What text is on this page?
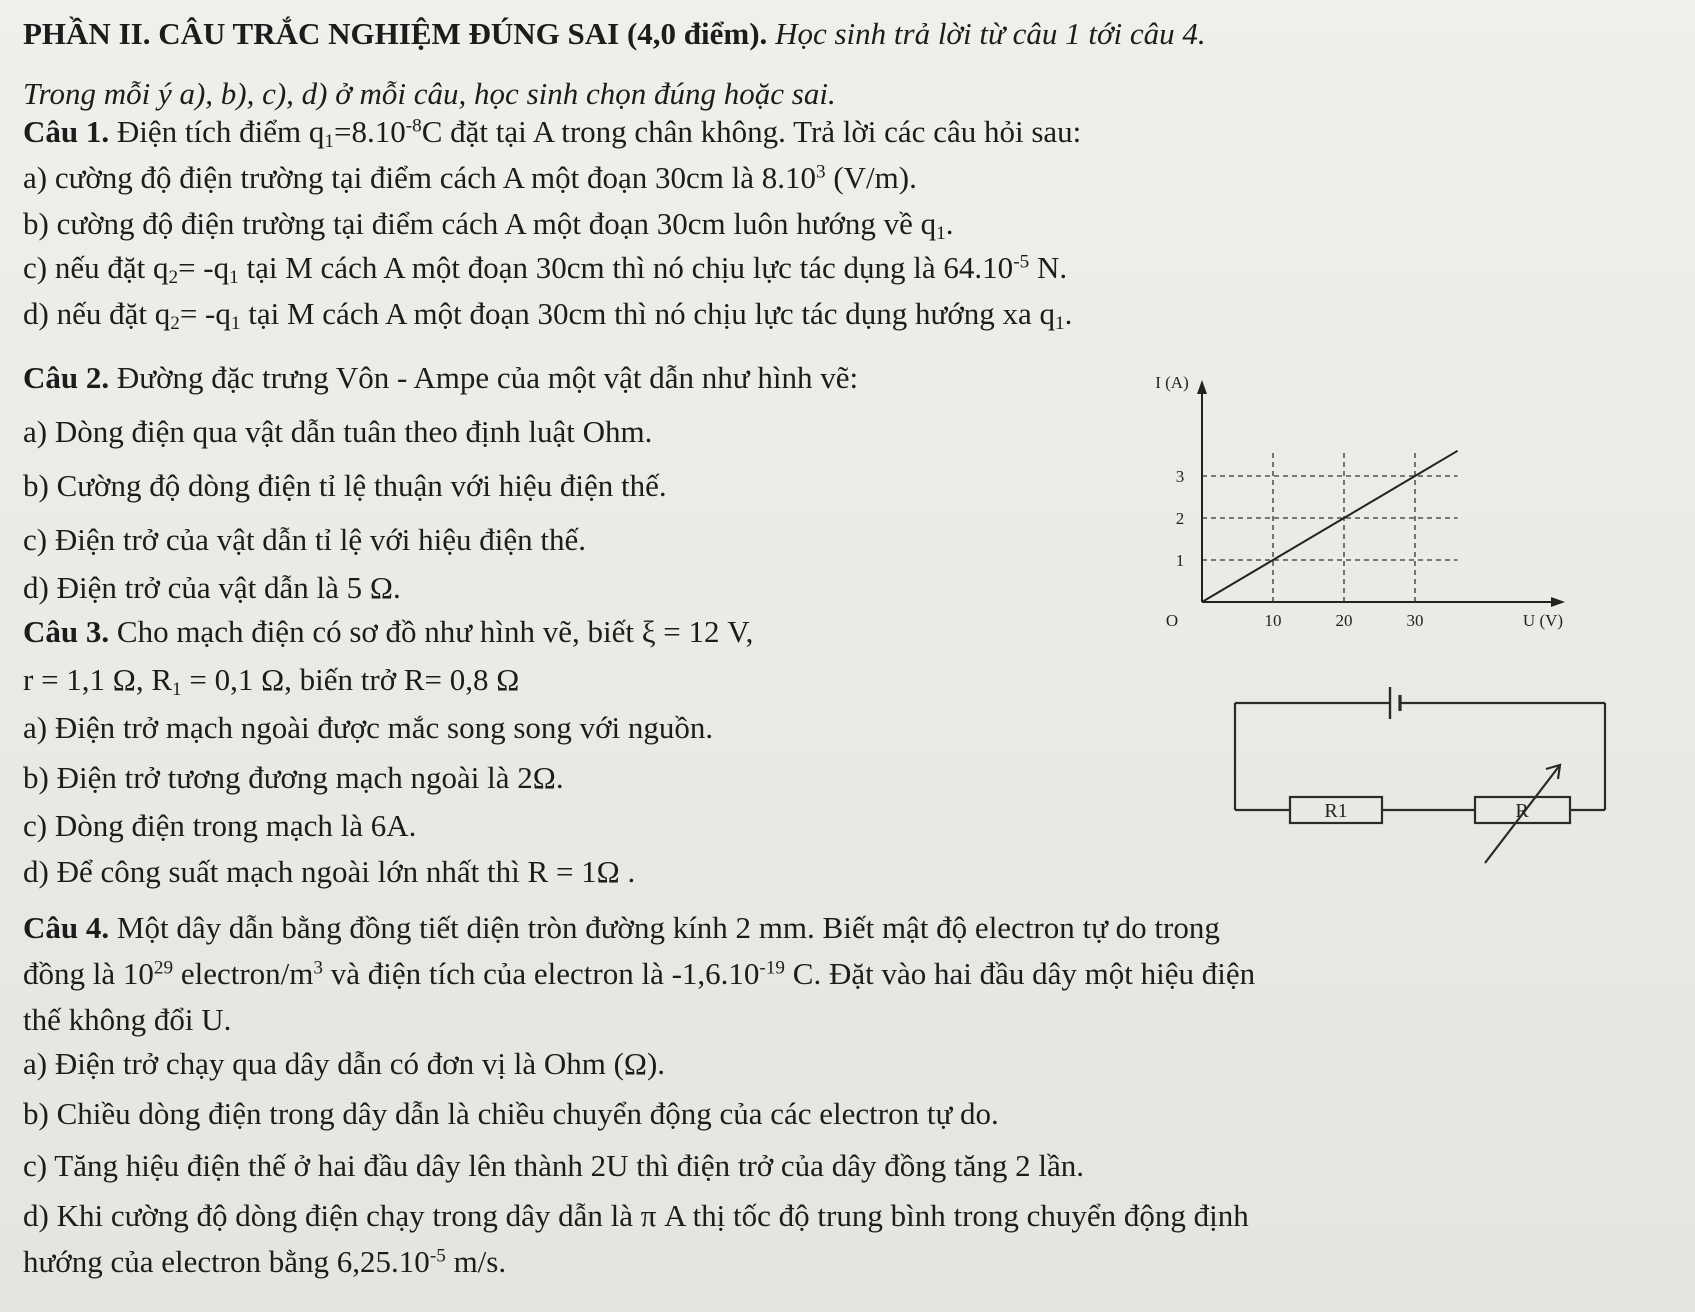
PHẦN II. CÂU TRẮC NGHIỆM ĐÚNG SAI (4,0 điểm). Học sinh trả lời từ câu 1 tới câu 4.
Trong mỗi ý a), b), c), d) ở mỗi câu, học sinh chọn đúng hoặc sai.
Câu 1. Điện tích điểm $q_1=8.10^{-8}C$ đặt tại A trong chân không. Trả lời các câu hỏi sau:
a) cường độ điện trường tại điểm cách A một đoạn 30cm là 8.10$^3$ (V/m).
b) cường độ điện trường tại điểm cách A một đoạn 30cm luôn hướng về $q_1$.
c) nếu đặt $q_2= -q_1$ tại M cách A một đoạn 30cm thì nó chịu lực tác dụng là $64.10^{-5}$ N.
d) nếu đặt $q_2= -q_1$ tại M cách A một đoạn 30cm thì nó chịu lực tác dụng hướng xa $q_1$.
Câu 2. Đường đặc trưng Vôn - Ampe của một vật dẫn như hình vẽ:
a) Dòng điện qua vật dẫn tuân theo định luật Ohm.
b) Cường độ dòng điện tỉ lệ thuận với hiệu điện thế.
c) Điện trở của vật dẫn tỉ lệ với hiệu điện thế.
d) Điện trở của vật dẫn là 5 Ω.
1
2
3
10	20	30
O	U (V)
I (A)
Câu 3. Cho mạch điện có sơ đồ như hình vẽ, biết ξ = 12 V,
r = 1,1 Ω, $R_1 = 0,1$ Ω, biến trở R= 0,8 Ω
a) Điện trở mạch ngoài được mắc song song với nguồn.
b) Điện trở tương đương mạch ngoài là 2Ω.
c) Dòng điện trong mạch là 6A.
d) Để công suất mạch ngoài lớn nhất thì R = 1Ω .
R1	R
Câu 4. Một dây dẫn bằng đồng tiết diện tròn đường kính 2 mm. Biết mật độ electron tự do trong
đồng là $10^{29}$ electron/$m^3$ và điện tích của electron là $-1,6.10^{-19}$ C. Đặt vào hai đầu dây một hiệu điện
thế không đổi U.
a) Điện trở chạy qua dây dẫn có đơn vị là Ohm (Ω).
b) Chiều dòng điện trong dây dẫn là chiều chuyển động của các electron tự do.
c) Tăng hiệu điện thế ở hai đầu dây lên thành 2U thì điện trở của dây đồng tăng 2 lần.
d) Khi cường độ dòng điện chạy trong dây dẫn là π A thị tốc độ trung bình trong chuyển động định
hướng của electron bằng $6,25.10^{-5}$ m/s.
